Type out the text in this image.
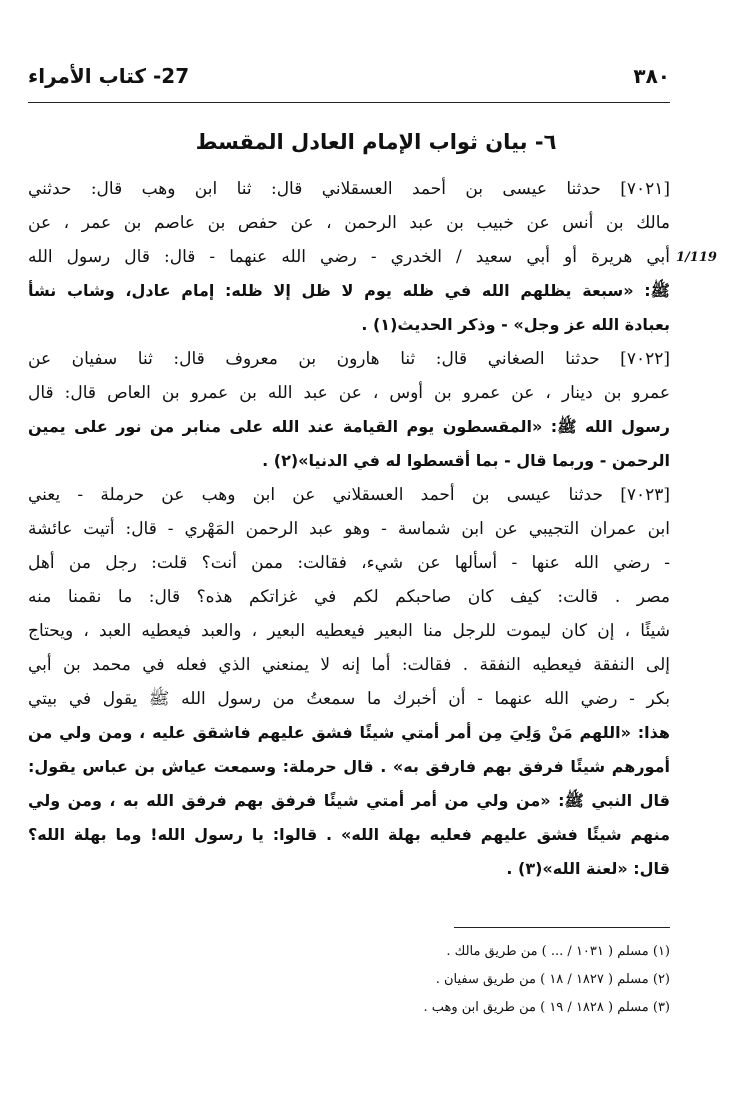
27- كتاب الأمراء	٣٨٠
٦- بيان ثواب الإمام العادل المقسط
1/119
[٧٠٢١] حدثنا عيسى بن أحمد العسقلاني قال: ثنا ابن وهب قال: حدثني
مالك بن أنس عن خبيب بن عبد الرحمن ، عن حفص بن عاصم بن عمر ، عن
أبي هريرة أو أبي سعيد / الخدري - رضي الله عنهما - قال: قال رسول الله
ﷺ: «سبعة يظلهم الله في ظله يوم لا ظل إلا ظله: إمام عادل، وشاب نشأ
بعبادة الله عز وجل» - وذكر الحديث(١) .
[٧٠٢٢] حدثنا الصغاني قال: ثنا هارون بن معروف قال: ثنا سفيان عن
عمرو بن دينار ، عن عمرو بن أوس ، عن عبد الله بن عمرو بن العاص قال: قال
رسول الله ﷺ: «المقسطون يوم القيامة عند الله على منابر من نور على يمين
الرحمن - وربما قال - بما أقسطوا له في الدنيا»(٢) .
[٧٠٢٣] حدثنا عيسى بن أحمد العسقلاني عن ابن وهب عن حرملة - يعني
ابن عمران التجيبي عن ابن شماسة - وهو عبد الرحمن المَهْري - قال: أتيت عائشة
- رضي الله عنها - أسألها عن شيء، فقالت: ممن أنت؟ قلت: رجل من أهل
مصر . قالت: كيف كان صاحبكم لكم في غزاتكم هذه؟ قال: ما نقمنا منه
شيئًا ، إن كان ليموت للرجل منا البعير فيعطيه البعير ، والعبد فيعطيه العبد ، ويحتاج
إلى النفقة فيعطيه النفقة . فقالت: أما إنه لا يمنعني الذي فعله في محمد بن أبي
بكر - رضي الله عنهما - أن أخبرك ما سمعتُ من رسول الله ﷺ يقول في بيتي
هذا: «اللهم مَنْ وَلِيَ مِن أمر أمتي شيئًا فشق عليهم فاشقق عليه ، ومن ولي من
أمورهم شيئًا فرفق بهم فارفق به» . قال حرملة: وسمعت عياش بن عباس يقول:
قال النبي ﷺ: «من ولي من أمر أمتي شيئًا فرفق بهم فرفق الله به ، ومن ولي
منهم شيئًا فشق عليهم فعليه بهلة الله» . قالوا: يا رسول الله! وما بهلة الله؟
قال: «لعنة الله»(٣) .
(١) مسلم ( ١٠٣١ / ... ) من طريق مالك .
(٢) مسلم ( ١٨٢٧ / ١٨ ) من طريق سفيان .
(٣) مسلم ( ١٨٢٨ / ١٩ ) من طريق ابن وهب .
